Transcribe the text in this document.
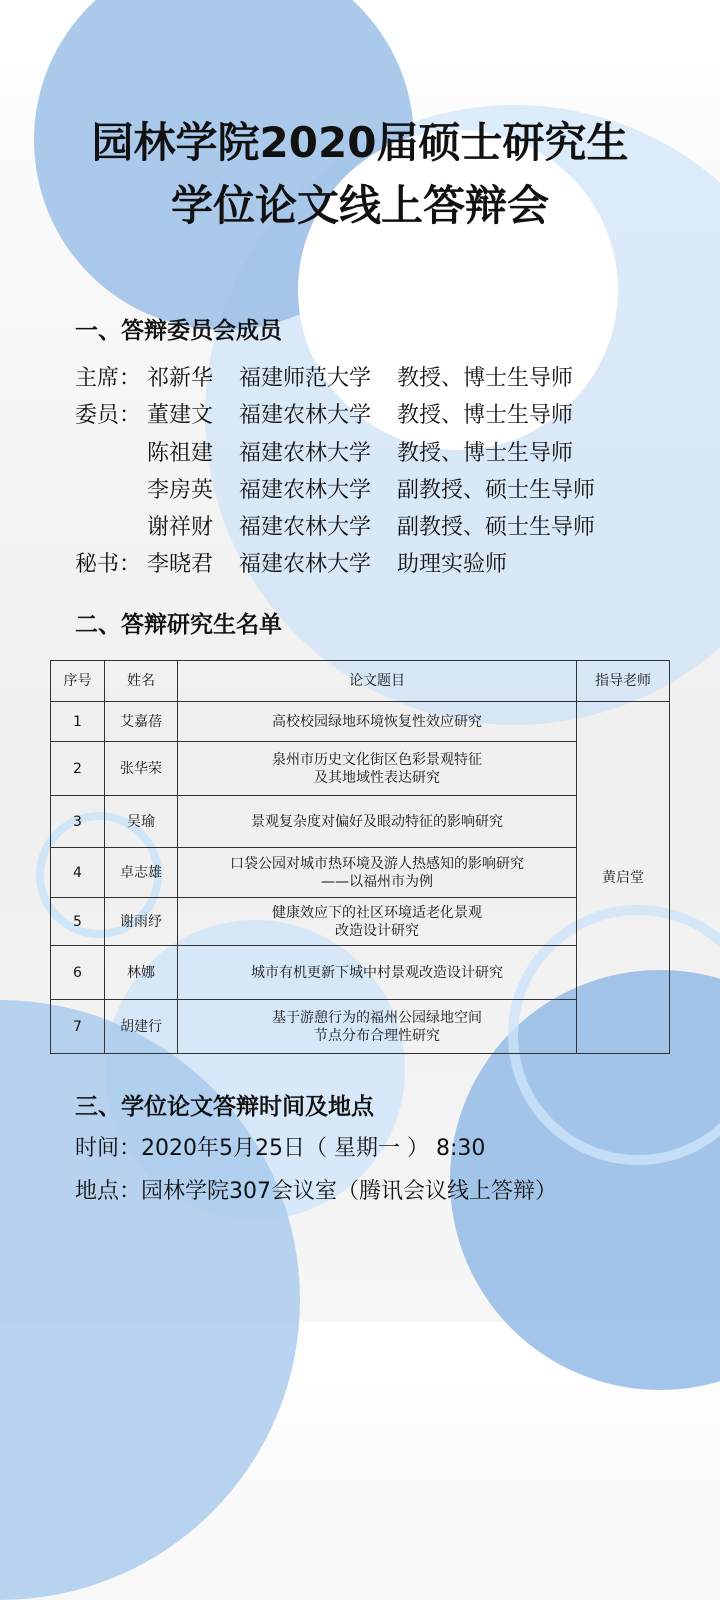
园林学院2020届硕士研究生
学位论文线上答辩会
一、答辩委员会成员
主席： 祁新华 福建师范大学 教授、博士生导师
委员： 董建文 福建农林大学 教授、博士生导师
陈祖建 福建农林大学 教授、博士生导师
李房英 福建农林大学 副教授、硕士生导师
谢祥财 福建农林大学 副教授、硕士生导师
秘书： 李晓君 福建农林大学 助理实验师
二、答辩研究生名单
序号	姓名	论文题目	指导老师
1	艾嘉蓓	高校校园绿地环境恢复性效应研究	黄启堂
2	张华荣	泉州市历史文化街区色彩景观特征
及其地域性表达研究	

3	吴瑜	景观复杂度对偏好及眼动特征的影响研究	

4	卓志雄	口袋公园对城市热环境及游人热感知的影响研究
——以福州市为例	

5	谢雨纾	健康效应下的社区环境适老化景观
改造设计研究	

6	林娜	城市有机更新下城中村景观改造设计研究	

7	胡建行	基于游憩行为的福州公园绿地空间
节点分布合理性研究	
三、学位论文答辩时间及地点
时间：2020年5月25日（ 星期一 ） 8:30
地点：园林学院307会议室（腾讯会议线上答辩）
